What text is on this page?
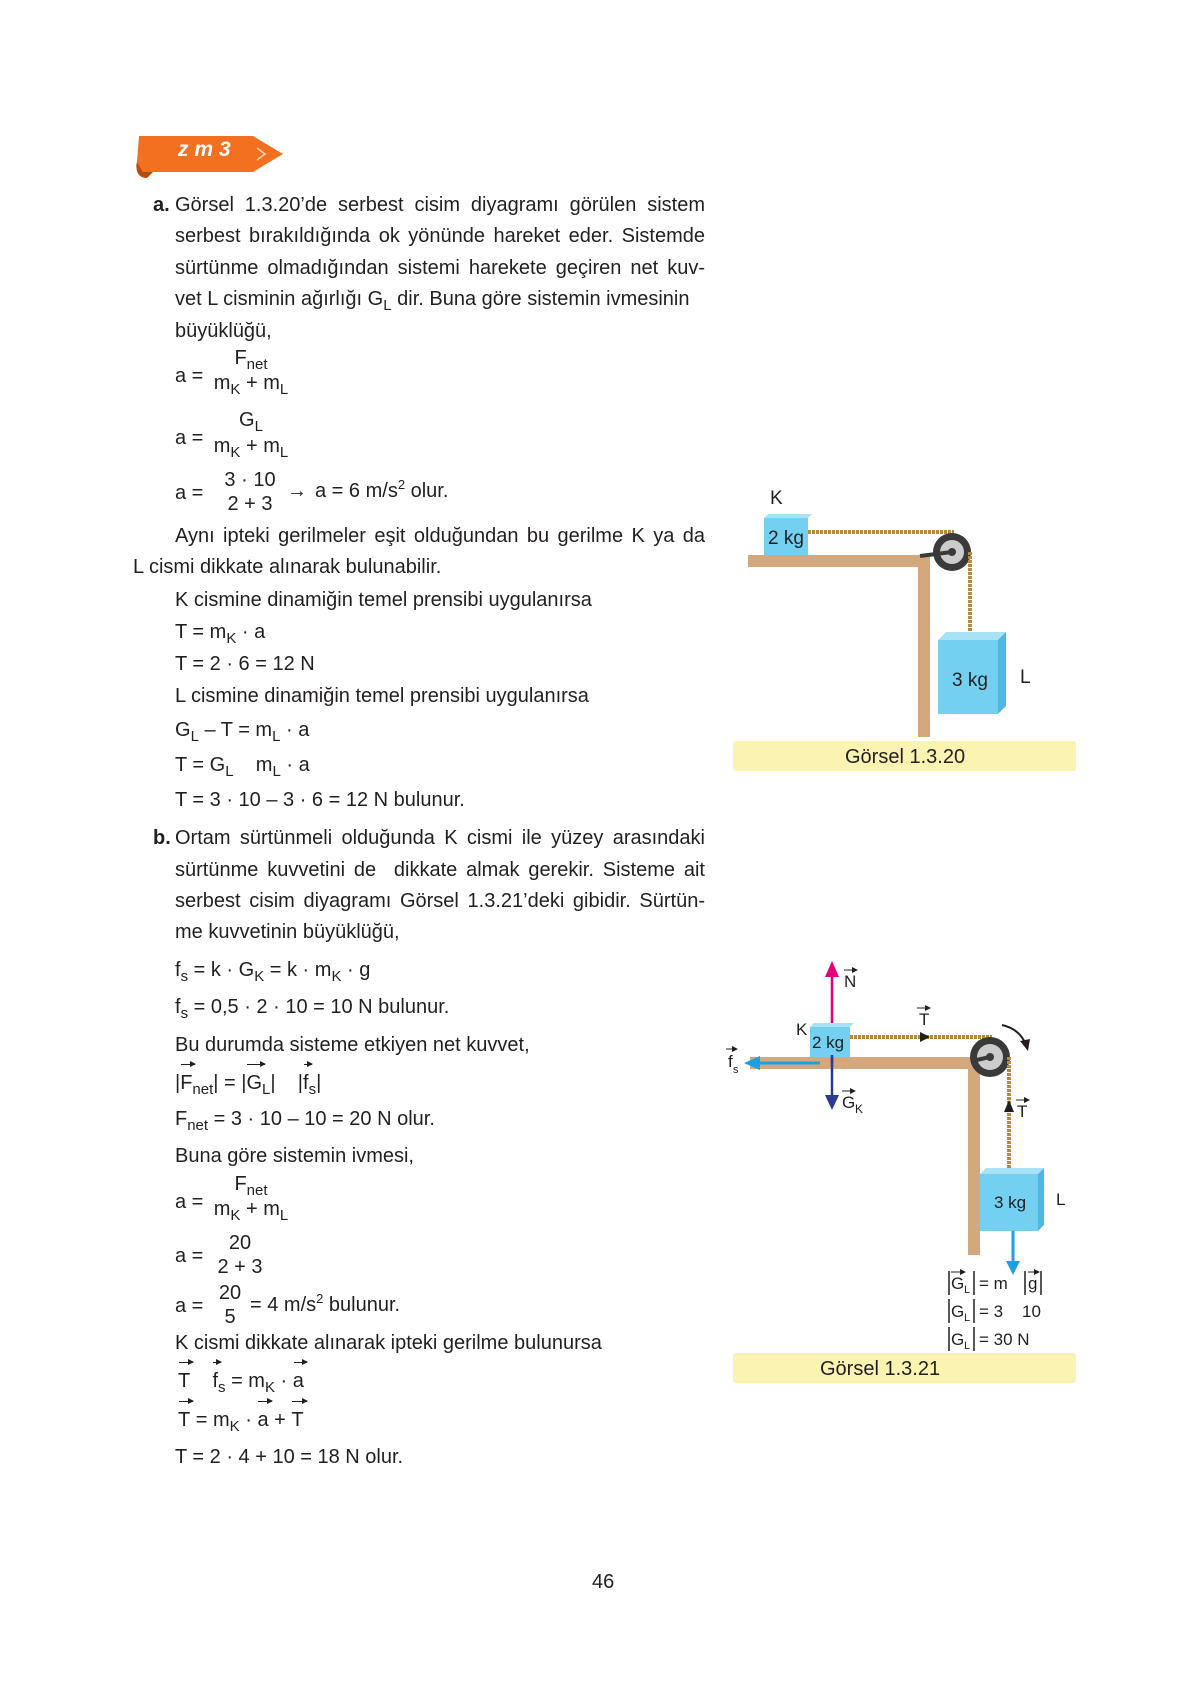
z m 3
a. Görsel 1.3.20’de serbest cisim diyagramı görülen sistem
serbest bırakıldığında ok yönünde hareket eder. Sistemde
sürtünme olmadığından sistemi harekete geçiren net kuv-
vet L cisminin ağırlığı $G_L$ dir. Buna göre sistemin ivmesinin
büyüklüğü,
a =
$F_{net}$
$m_K + m_L$
a =
$G_L$
$m_K + m_L$
a =
3 · 10
2 + 3
→ a = 6 $m/s^2$ olur.
Aynı ipteki gerilmeler eşit olduğundan bu gerilme K ya da
L cismi dikkate alınarak bulunabilir.
K cismine dinamiğin temel prensibi uygulanırsa
$T = m_K \cdot a$
T = 2 · 6 = 12 N
L cismine dinamiğin temel prensibi uygulanırsa
$G_L - T = m_L \cdot a$
$T = G_L$    $m_L \cdot a$
T = 3 · 10 – 3 · 6 = 12 N bulunur.
b. Ortam sürtünmeli olduğunda K cismi ile yüzey arasındaki
sürtünme kuvvetini de  dikkate almak gerekir. Sisteme ait
serbest cisim diyagramı Görsel 1.3.21’deki gibidir. Sürtün-
me kuvvetinin büyüklüğü,
$f_s = k \cdot G_K = k \cdot m_K \cdot g$
$f_s = 0,5 \cdot 2 \cdot 10 = 10$ N bulunur.
Bu durumda sisteme etkiyen net kuvvet,
$|F_{net}| = |G_L|$    $|f_s|$
$F_{net} = 3 \cdot 10 - 10 = 20$ N olur.
Buna göre sistemin ivmesi,
a =
$F_{net}$
$m_K + m_L$
a =
20
2 + 3
a =
20
5
= 4 $m/s^2$ bulunur.
K cismi dikkate alınarak ipteki gerilme bulunursa
T $f_s = m_K \cdot a$
$T = m_K \cdot a + T$
T = 2 · 4 + 10 = 18 N olur.
K
2 kg
3 kg L
Görsel 1.3.20
K
N
2 kg
G K
f s
T
T
3 kg L
G L = m g
G L = 3    10
G L = 30 N
Görsel 1.3.21
46
